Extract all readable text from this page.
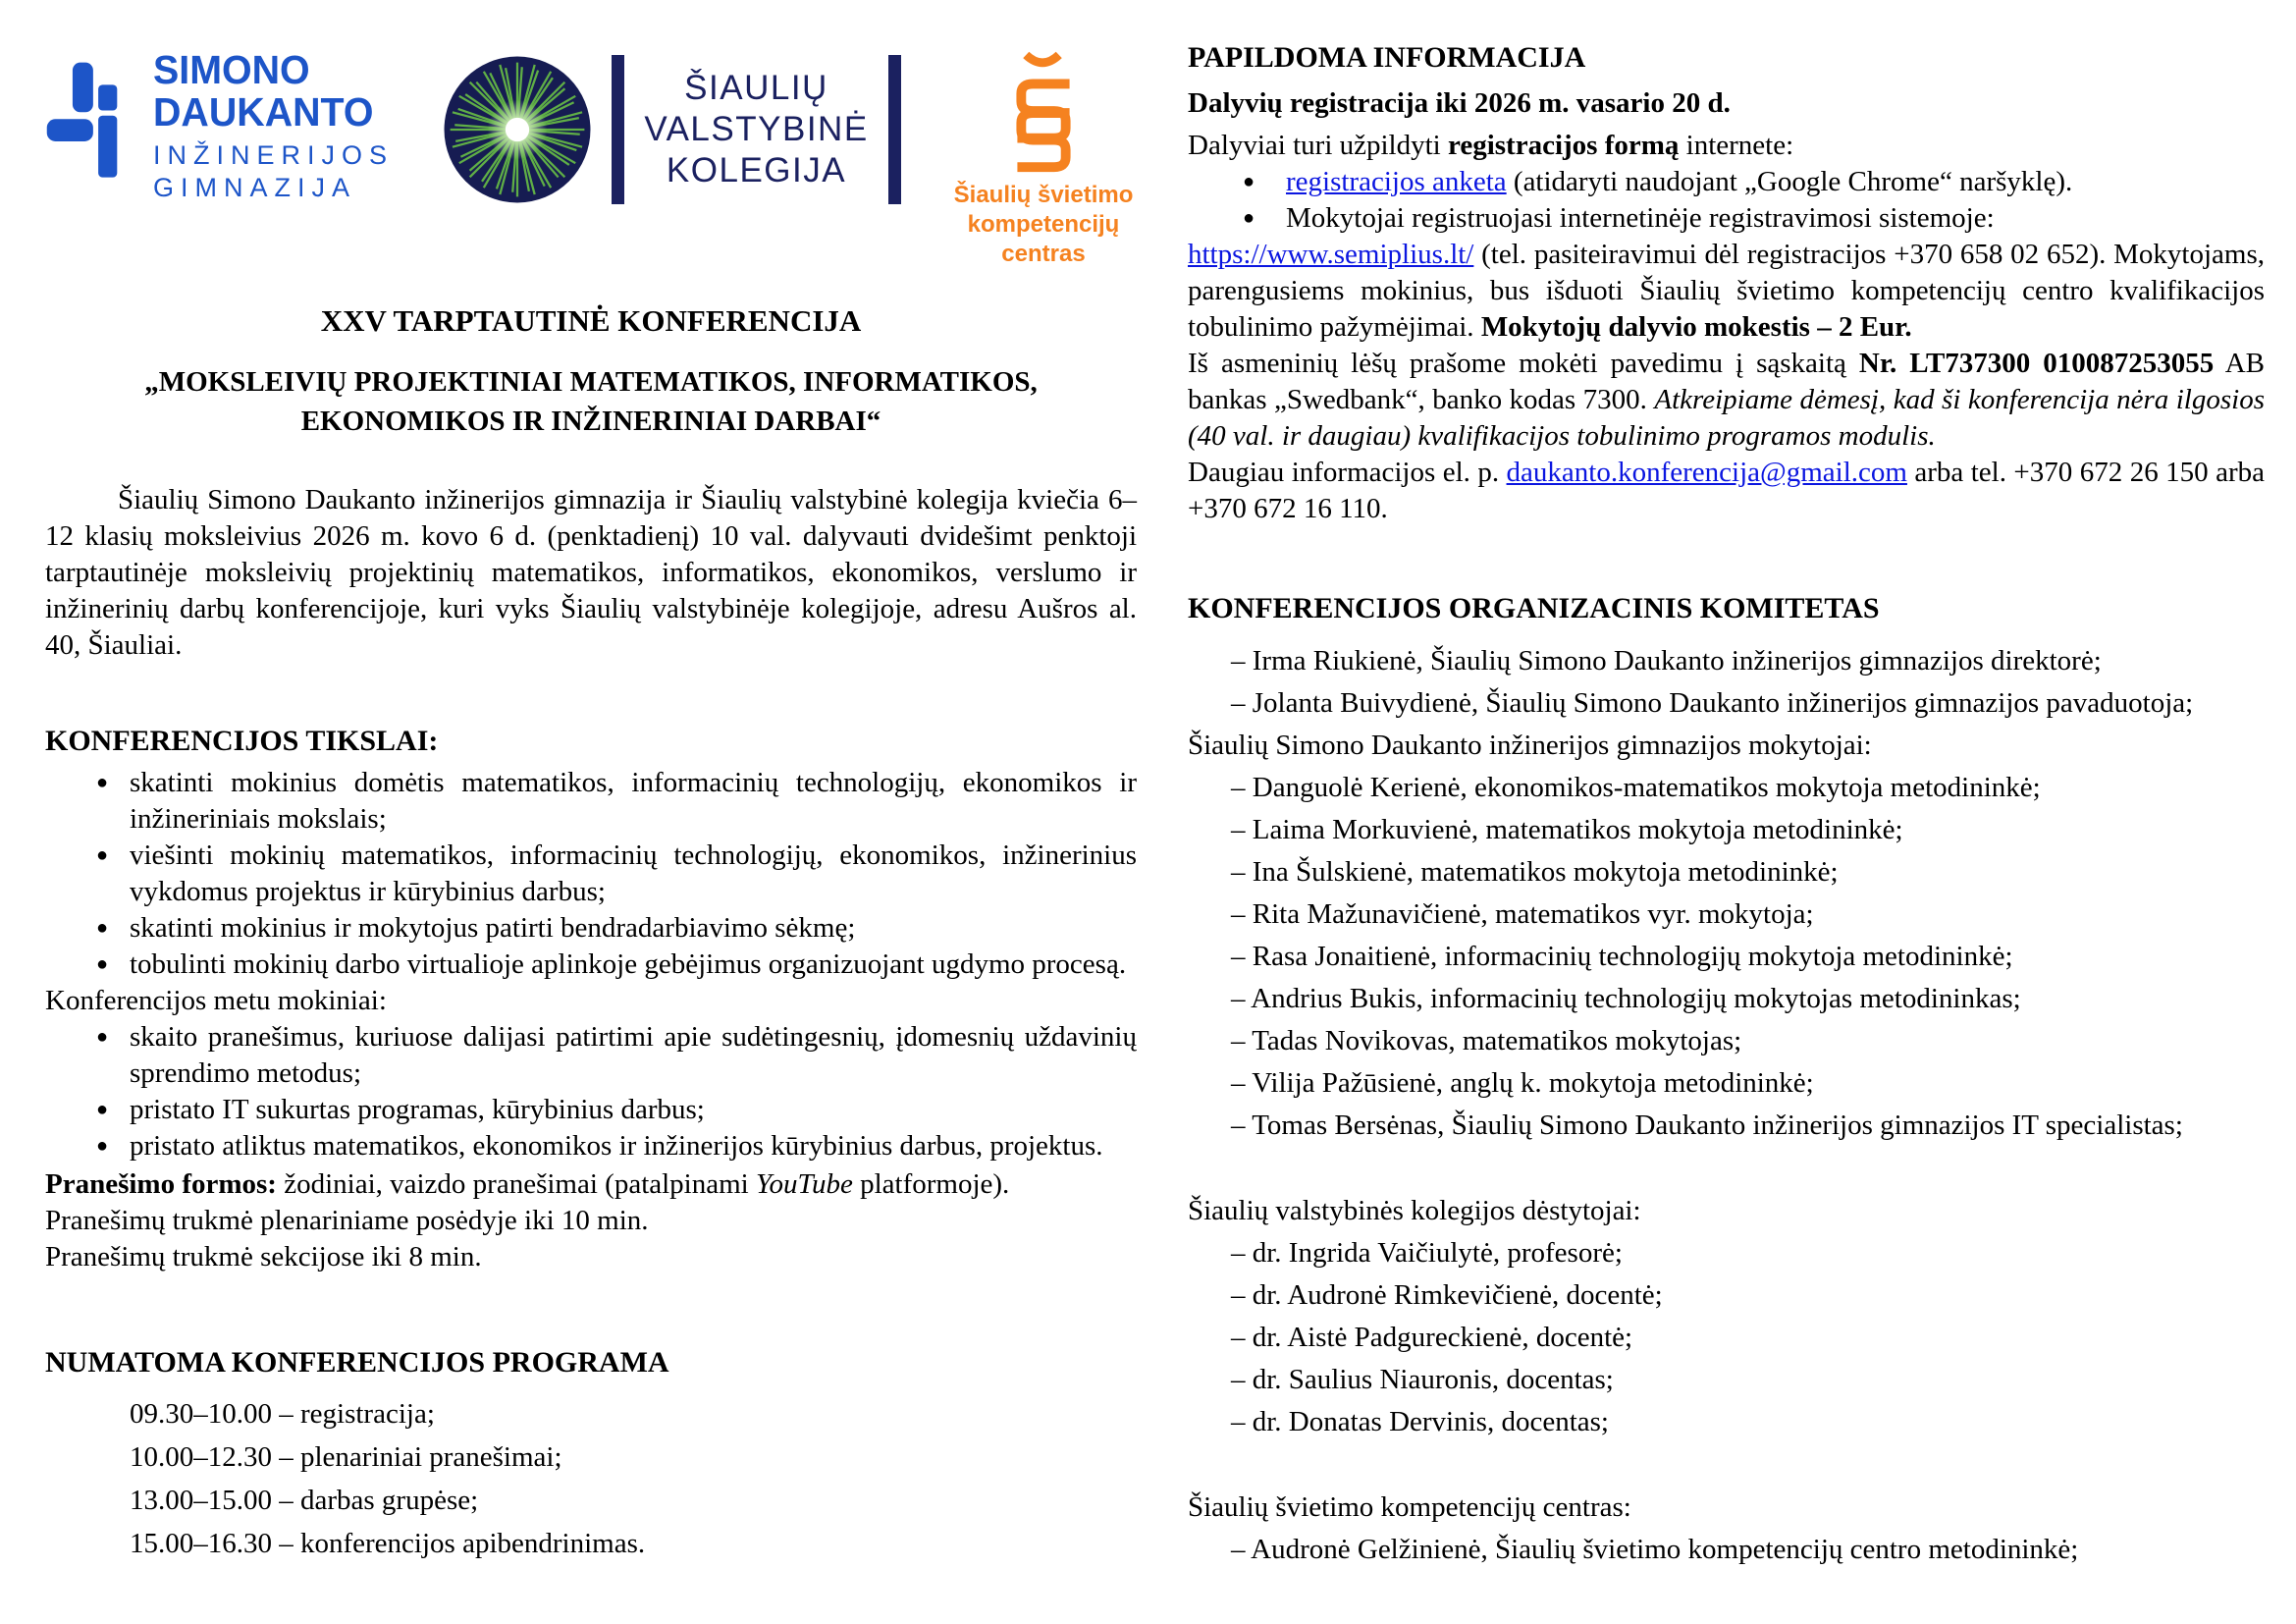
SIMONO
DAUKANTO
INŽINERIJOS
GIMNAZIJA
ŠIAULIŲ
VALSTYBINĖ
KOLEGIJA
Šiaulių švietimo
kompetencijų centras
XXV TARPTAUTINĖ KONFERENCIJA
„MOKSLEIVIŲ PROJEKTINIAI MATEMATIKOS, INFORMATIKOS,
EKONOMIKOS IR INŽINERINIAI DARBAI“
Šiaulių Simono Daukanto inžinerijos gimnazija ir Šiaulių valstybinė kolegija kviečia 6–12 klasių moksleivius 2026 m. kovo 6 d. (penktadienį) 10 val. dalyvauti dvidešimt penktoji tarptautinėje moksleivių projektinių matematikos, informatikos, ekonomikos, verslumo ir inžinerinių darbų konferencijoje, kuri vyks Šiaulių valstybinėje kolegijoje, adresu Aušros al. 40, Šiauliai.
KONFERENCIJOS TIKSLAI:
● skatinti mokinius domėtis matematikos, informacinių technologijų, ekonomikos ir inžineriniais mokslais;
● viešinti mokinių matematikos, informacinių technologijų, ekonomikos, inžinerinius vykdomus projektus ir kūrybinius darbus;
● skatinti mokinius ir mokytojus patirti bendradarbiavimo sėkmę;
● tobulinti mokinių darbo virtualioje aplinkoje gebėjimus organizuojant ugdymo procesą.
Konferencijos metu mokiniai:
● skaito pranešimus, kuriuose dalijasi patirtimi apie sudėtingesnių, įdomesnių uždavinių sprendimo metodus;
● pristato IT sukurtas programas, kūrybinius darbus;
● pristato atliktus matematikos, ekonomikos ir inžinerijos kūrybinius darbus, projektus.
Pranešimo formos: žodiniai, vaizdo pranešimai (patalpinami YouTube platformoje).
Pranešimų trukmė plenariniame posėdyje iki 10 min.
Pranešimų trukmė sekcijose iki 8 min.
NUMATOMA KONFERENCIJOS PROGRAMA
09.30–10.00 – registracija;
10.00–12.30 – plenariniai pranešimai;
13.00–15.00 – darbas grupėse;
15.00–16.30 – konferencijos apibendrinimas.
PAPILDOMA INFORMACIJA
Dalyvių registracija iki 2026 m. vasario 20 d.
Dalyviai turi užpildyti registracijos formą internete:
●	registracijos anketa (atidaryti naudojant „Google Chrome“ naršyklę).
●	Mokytojai registruojasi internetinėje registravimosi sistemoje:
https://www.semiplius.lt/ (tel. pasiteiravimui dėl registracijos +370 658 02 652). Mokytojams, parengusiems mokinius, bus išduoti Šiaulių švietimo kompetencijų centro kvalifikacijos tobulinimo pažymėjimai. Mokytojų dalyvio mokestis – 2 Eur.
Iš asmeninių lėšų prašome mokėti pavedimu į sąskaitą Nr. LT737300 010087253055 AB bankas „Swedbank“, banko kodas 7300. Atkreipiame dėmesį, kad ši konferencija nėra ilgosios (40 val. ir daugiau) kvalifikacijos tobulinimo programos modulis.
Daugiau informacijos el. p. daukanto.konferencija@gmail.com arba tel. +370 672 26 150 arba +370 672 16 110.
KONFERENCIJOS ORGANIZACINIS KOMITETAS
– Irma Riukienė, Šiaulių Simono Daukanto inžinerijos gimnazijos direktorė;
– Jolanta Buivydienė, Šiaulių Simono Daukanto inžinerijos gimnazijos pavaduotoja;
Šiaulių Simono Daukanto inžinerijos gimnazijos mokytojai:
– Danguolė Kerienė, ekonomikos-matematikos mokytoja metodininkė;
– Laima Morkuvienė, matematikos mokytoja metodininkė;
– Ina Šulskienė, matematikos mokytoja metodininkė;
– Rita Mažunavičienė, matematikos vyr. mokytoja;
– Rasa Jonaitienė, informacinių technologijų mokytoja metodininkė;
– Andrius Bukis, informacinių technologijų mokytojas metodininkas;
– Tadas Novikovas, matematikos mokytojas;
– Vilija Pažūsienė, anglų k. mokytoja metodininkė;
– Tomas Bersėnas, Šiaulių Simono Daukanto inžinerijos gimnazijos IT specialistas;
Šiaulių valstybinės kolegijos dėstytojai:
– dr. Ingrida Vaičiulytė, profesorė;
– dr. Audronė Rimkevičienė, docentė;
– dr. Aistė Padgureckienė, docentė;
– dr. Saulius Niauronis, docentas;
– dr. Donatas Dervinis, docentas;
Šiaulių švietimo kompetencijų centras:
– Audronė Gelžinienė, Šiaulių švietimo kompetencijų centro metodininkė;
